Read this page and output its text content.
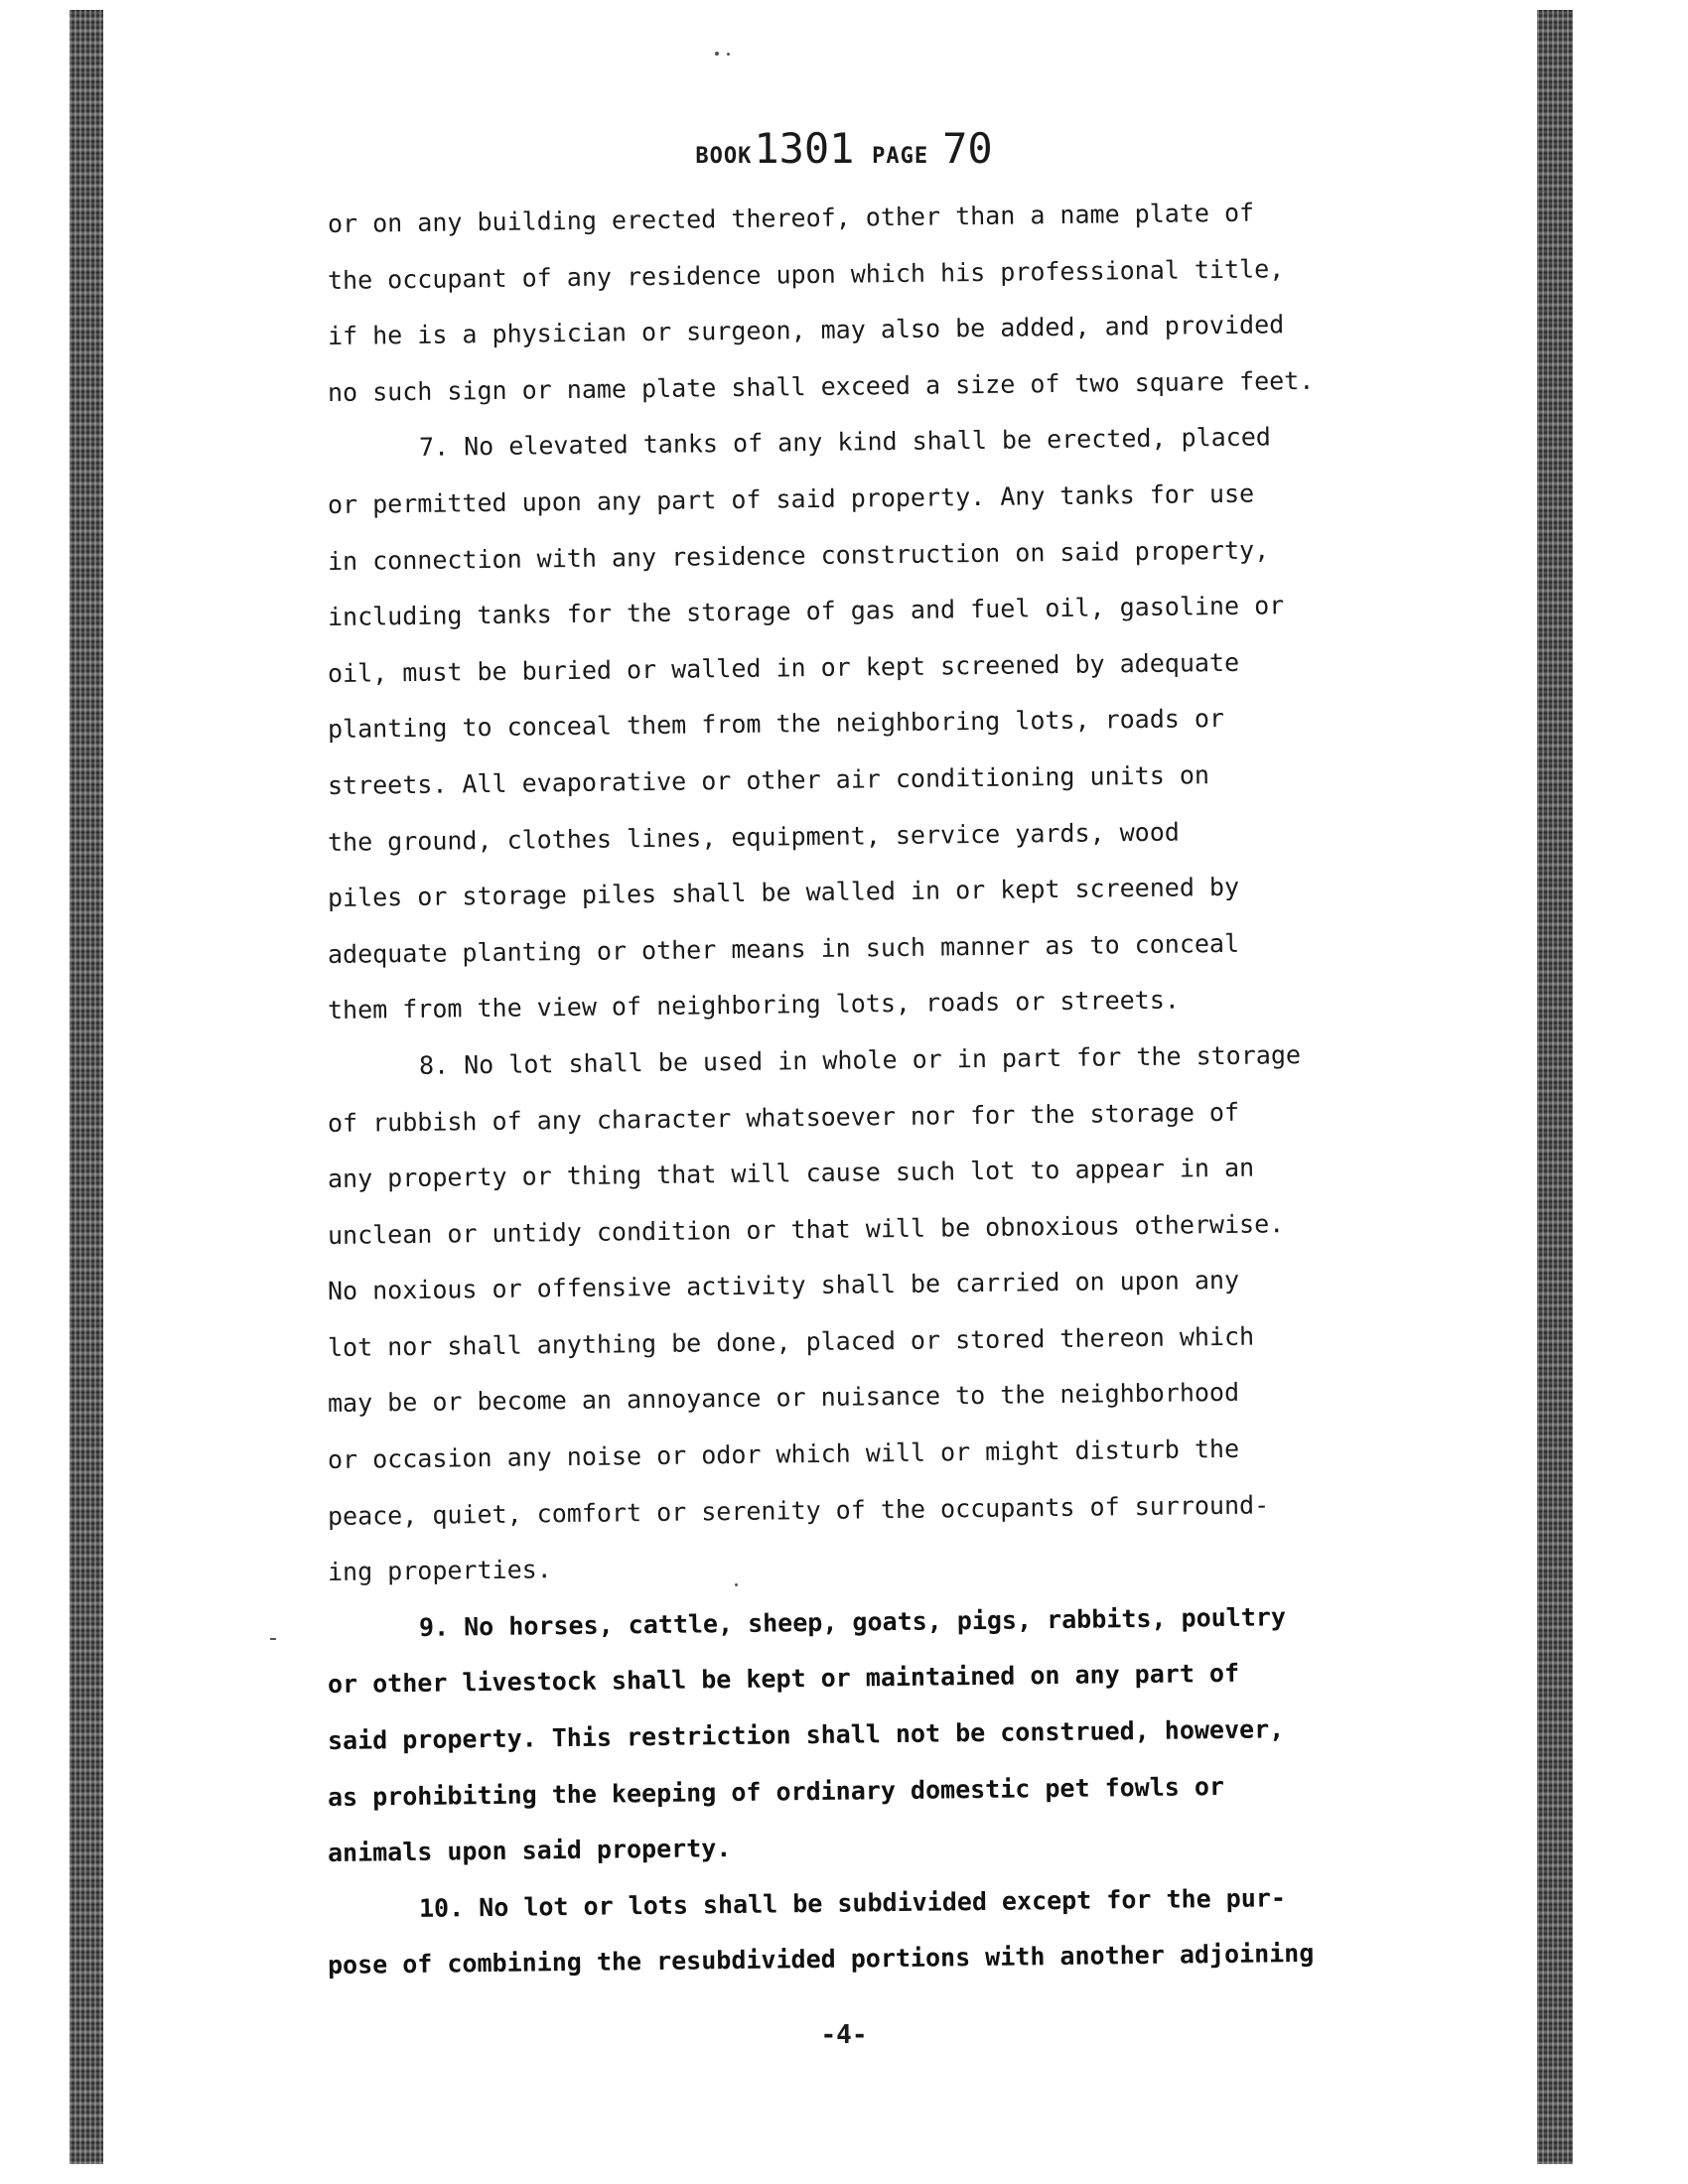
BOOK1301 PAGE 70
or on any building erected thereof, other than a name plate of
the occupant of any residence upon which his professional title,
if he is a physician or surgeon, may also be added, and provided
no such sign or name plate shall exceed a size of two square feet.
7. No elevated tanks of any kind shall be erected, placed
or permitted upon any part of said property. Any tanks for use
in connection with any residence construction on said property,
including tanks for the storage of gas and fuel oil, gasoline or
oil, must be buried or walled in or kept screened by adequate
planting to conceal them from the neighboring lots, roads or
streets. All evaporative or other air conditioning units on
the ground, clothes lines, equipment, service yards, wood
piles or storage piles shall be walled in or kept screened by
adequate planting or other means in such manner as to conceal
them from the view of neighboring lots, roads or streets.
8. No lot shall be used in whole or in part for the storage
of rubbish of any character whatsoever nor for the storage of
any property or thing that will cause such lot to appear in an
unclean or untidy condition or that will be obnoxious otherwise.
No noxious or offensive activity shall be carried on upon any
lot nor shall anything be done, placed or stored thereon which
may be or become an annoyance or nuisance to the neighborhood
or occasion any noise or odor which will or might disturb the
peace, quiet, comfort or serenity of the occupants of surround-
ing properties.
9. No horses, cattle, sheep, goats, pigs, rabbits, poultry
or other livestock shall be kept or maintained on any part of
said property. This restriction shall not be construed, however,
as prohibiting the keeping of ordinary domestic pet fowls or
animals upon said property.
10. No lot or lots shall be subdivided except for the pur-
pose of combining the resubdivided portions with another adjoining
-4-
